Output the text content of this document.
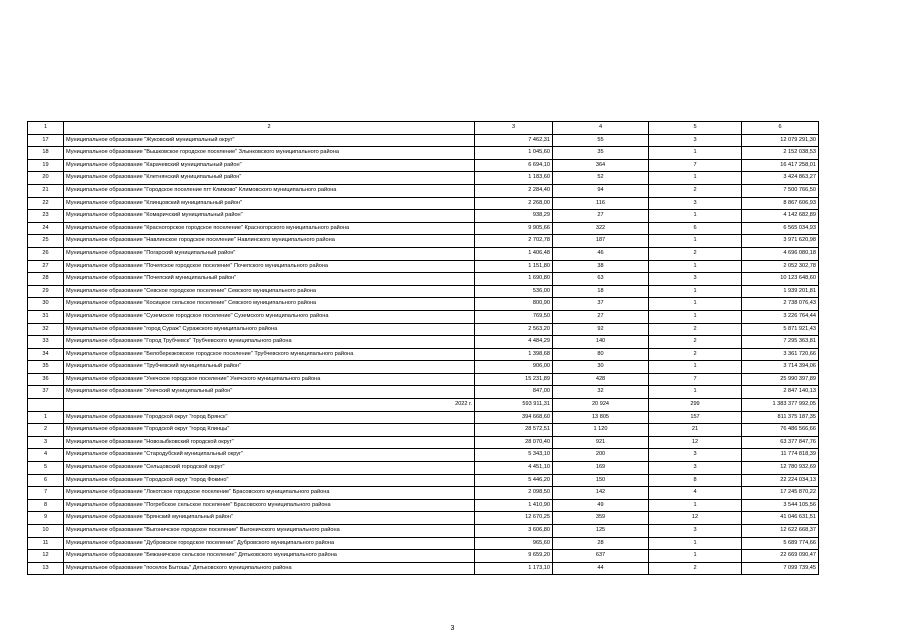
1	2	3	4	5	6
17	Муниципальное образование "Жуковский муниципальный округ"	7 462,31	55	3	12 079 291,30
18	Муниципальное образование "Вышковское городское поселение" Злынковского муниципального района	1 045,60	35	1	2 152 038,53
19	Муниципальное образование "Карачевский муниципальный район"	6 694,10	364	7	16 417 258,01
20	Муниципальное образование "Клетнянский муниципальный район"	1 183,60	52	1	3 424 863,27
21	Муниципальное образование "Городское поселение пгт Климово" Климовского муниципального района	2 284,40	94	2	7 500 766,50
22	Муниципальное образование "Клинцовский муниципальный район"	2 268,00	116	3	8 867 606,93
23	Муниципальное образование "Комаричский муниципальный район"	938,29	27	1	4 142 682,89
24	Муниципальное образование "Красногорское городское поселение" Красногорского муниципального района	9 905,66	322	6	6 565 034,93
25	Муниципальное образование "Навлинское городское поселение" Навлинского муниципального района	2 702,78	187	1	3 971 620,98
26	Муниципальное образование "Погарский муниципальный район"	1 406,48	46	2	4 696 080,18
27	Муниципальное образование "Почепское городское поселение" Почепского муниципального района	1 151,80	38	1	2 052 302,78
28	Муниципальное образование "Почепский муниципальный район"	1 690,80	63	3	10 123 648,60
29	Муниципальное образование "Севское городское поселение" Севского муниципального района	536,00	18	1	1 939 201,81
30	Муниципальное образование "Косицкое сельское поселение" Севского муниципального района	800,90	37	1	2 738 076,43
31	Муниципальное образование "Суземское городское поселение" Суземского муниципального района	769,50	27	1	3 226 764,44
32	Муниципальное образование "город Сураж" Суражского муниципального района	2 563,20	92	2	5 871 921,43
33	Муниципальное образование "Город Трубчевск" Трубчевского муниципального района	4 484,29	140	2	7 295 363,81
34	Муниципальное образование "Белоберезковское городское поселение" Трубчевского муниципального района	1 398,68	80	2	3 361 720,66
35	Муниципальное образование "Трубчевский муниципальный район"	906,00	30	1	3 714 394,06
36	Муниципальное образование "Унечское городское поселение" Унечского муниципального района	15 231,89	428	7	25 990 397,89
37	Муниципальное образование "Унечский муниципальный район"	847,00	32	1	2 847 140,13
	2022 г.	593 911,31	20 924	299	1 383 377 992,05
1	Муниципальное образование "Городской округ "город Брянск"	394 668,60	13 805	157	811 375 187,35
2	Муниципальное образование "Городской округ "город Клинцы"	28 572,51	1 120	21	76 486 566,66
3	Муниципальное образование "Новозыбковский городской округ"	28 070,40	921	12	63 377 847,76
4	Муниципальное образование "Стародубский муниципальный округ"	5 343,10	200	3	11 774 818,39
5	Муниципальное образование "Сельцовский городской округ"	4 451,10	169	3	12 780 932,69
6	Муниципальное образование "Городской округ "город Фокино"	5 446,20	150	8	22 224 034,13
7	Муниципальное образование "Локотское городское поселение" Брасовского муниципального района	2 098,50	142	4	17 245 870,22
8	Муниципальное образование "Погребское сельское поселение" Брасовского муниципального района	1 410,90	49	1	3 544 105,56
9	Муниципальное образование "Брянский муниципальный район"	12 670,25	359	12	41 046 631,51
10	Муниципальное образование "Выгоничское городское поселение" Выгоничского муниципального района	3 606,80	125	3	12 622 668,37
11	Муниципальное образование "Дубровское городское поселение" Дубровского муниципального района	965,60	28	1	5 689 774,66
12	Муниципальное образование "Бежаничское сельское поселение" Дятьковского муниципального района	9 659,20	637	1	22 669 090,47
13	Муниципальное образование "поселок Бытошь" Дятьковского муниципального района	1 173,10	44	2	7 099 739,45
3
